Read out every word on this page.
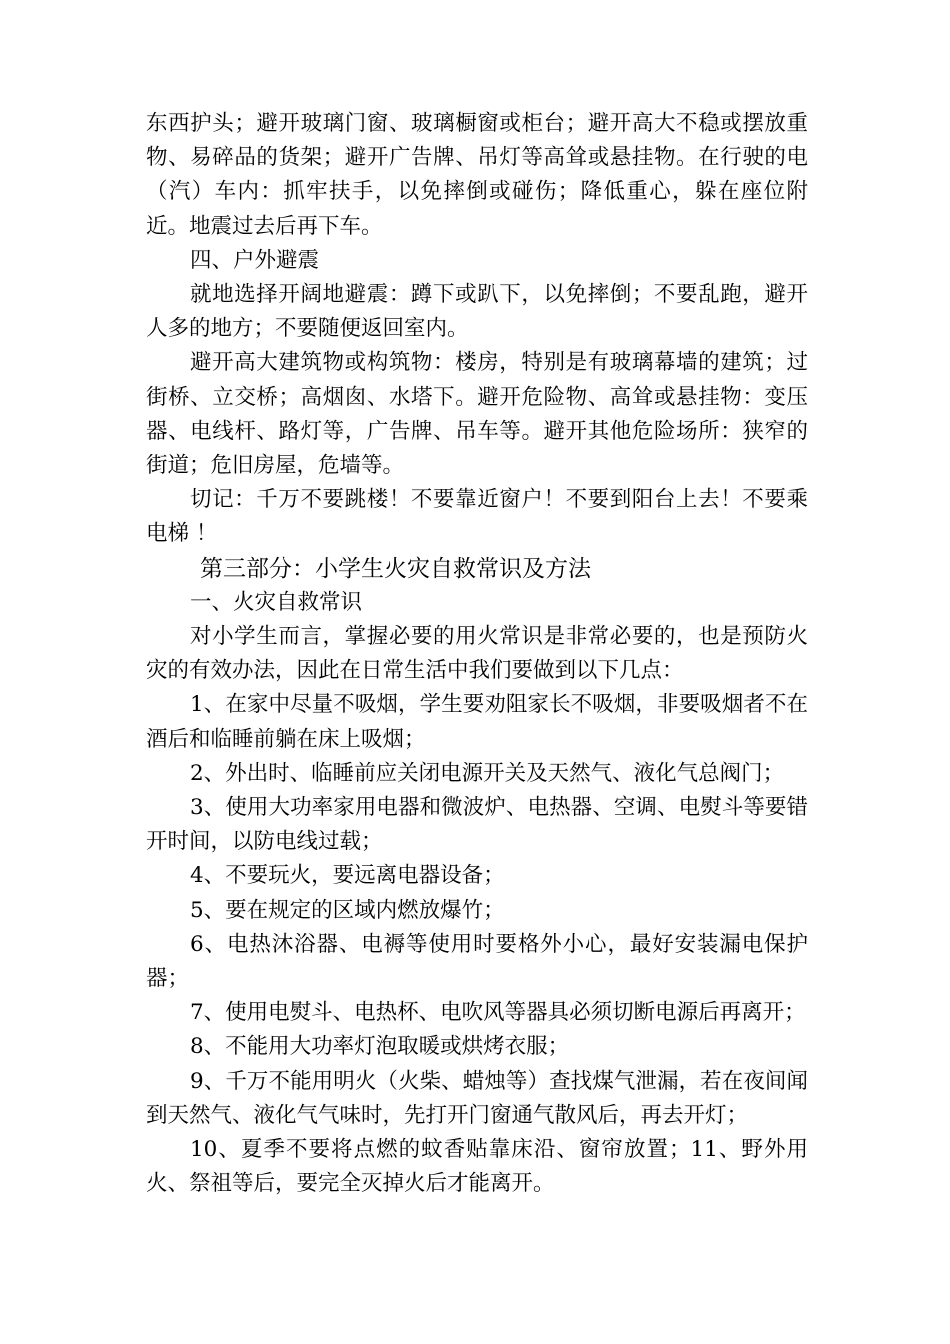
东西护头；避开玻璃门窗、玻璃橱窗或柜台；避开高大不稳或摆放重物、易碎品的货架；避开广告牌、吊灯等高耸或悬挂物。在行驶的电（汽）车内：抓牢扶手，以免摔倒或碰伤；降低重心，躲在座位附近。地震过去后再下车。

四、户外避震

就地选择开阔地避震：蹲下或趴下，以免摔倒；不要乱跑，避开人多的地方；不要随便返回室内。

避开高大建筑物或构筑物：楼房，特别是有玻璃幕墙的建筑；过街桥、立交桥；高烟囱、水塔下。避开危险物、高耸或悬挂物：变压器、电线杆、路灯等，广告牌、吊车等。避开其他危险场所：狭窄的街道；危旧房屋，危墙等。

切记：千万不要跳楼！不要靠近窗户！不要到阳台上去！不要乘电梯 ！

第三部分：小学生火灾自救常识及方法

一、火灾自救常识

对小学生而言，掌握必要的用火常识是非常必要的，也是预防火灾的有效办法，因此在日常生活中我们要做到以下几点：

1、在家中尽量不吸烟，学生要劝阻家长不吸烟，非要吸烟者不在酒后和临睡前躺在床上吸烟；

2、外出时、临睡前应关闭电源开关及天然气、液化气总阀门；

3、使用大功率家用电器和微波炉、电热器、空调、电熨斗等要错开时间，以防电线过载；

4、不要玩火，要远离电器设备；

5、要在规定的区域内燃放爆竹；

6、电热沐浴器、电褥等使用时要格外小心，最好安装漏电保护器；

7、使用电熨斗、电热杯、电吹风等器具必须切断电源后再离开；

8、不能用大功率灯泡取暖或烘烤衣服；

9、千万不能用明火（火柴、蜡烛等）查找煤气泄漏，若在夜间闻到天然气、液化气气味时，先打开门窗通气散风后，再去开灯；

10、夏季不要将点燃的蚊香贴靠床沿、窗帘放置；11、野外用火、祭祖等后，要完全灭掉火后才能离开。
